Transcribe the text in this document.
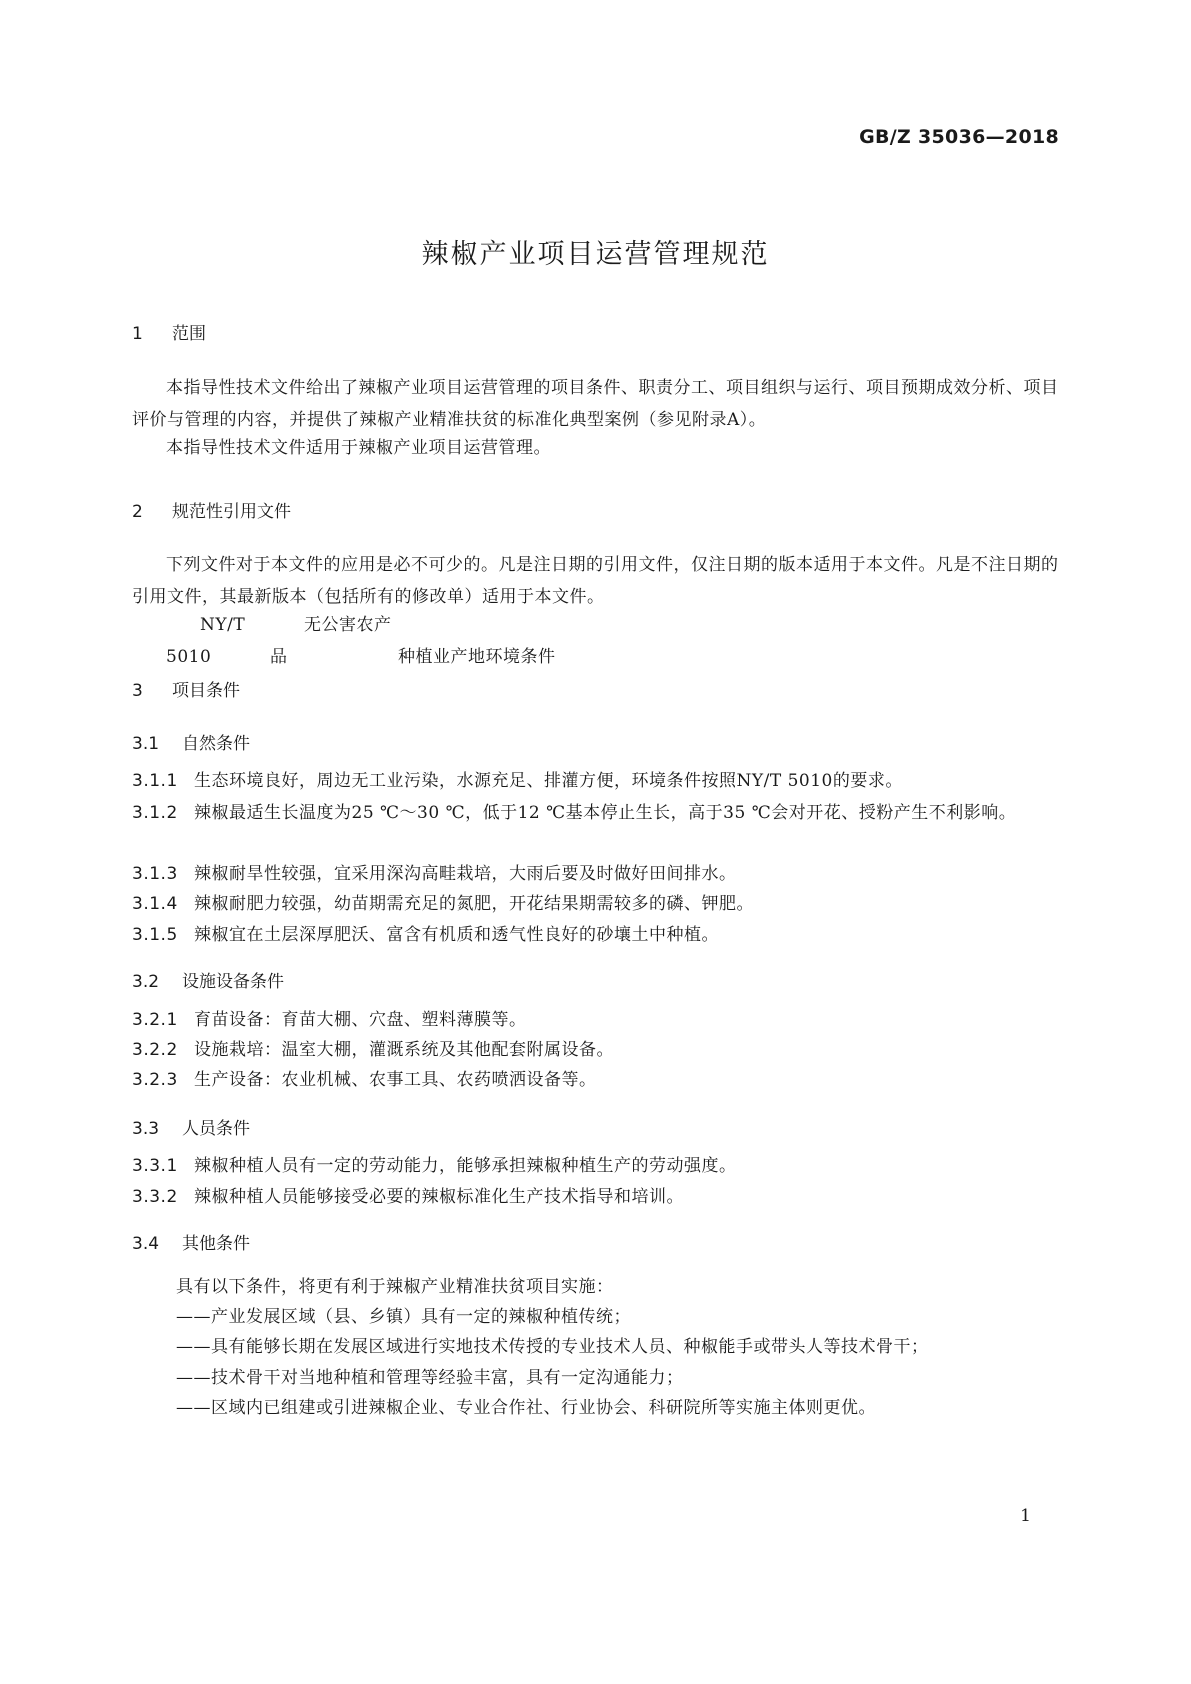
GB/Z 35036—2018
辣椒产业项目运营管理规范
1 范围
本指导性技术文件给出了辣椒产业项目运营管理的项目条件、职责分工、项目组织与运行、项目预期成效分析、项目评价与管理的内容，并提供了辣椒产业精准扶贫的标准化典型案例（参见附录A）。
本指导性技术文件适用于辣椒产业项目运营管理。
2 规范性引用文件
下列文件对于本文件的应用是必不可少的。凡是注日期的引用文件，仅注日期的版本适用于本文件。凡是不注日期的引用文件，其最新版本（包括所有的修改单）适用于本文件。
NY/T 5010无公害农产品	种植业产地环境条件
3 项目条件
3.1 自然条件
3.1.1 生态环境良好，周边无工业污染，水源充足、排灌方便，环境条件按照NY/T 5010的要求。
3.1.2 辣椒最适生长温度为25 ℃～30 ℃，低于12 ℃基本停止生长，高于35 ℃会对开花、授粉产生不利影响。
3.1.3 辣椒耐旱性较强，宜采用深沟高畦栽培，大雨后要及时做好田间排水。
3.1.4 辣椒耐肥力较强，幼苗期需充足的氮肥，开花结果期需较多的磷、钾肥。
3.1.5 辣椒宜在土层深厚肥沃、富含有机质和透气性良好的砂壤土中种植。
3.2 设施设备条件
3.2.1 育苗设备：育苗大棚、穴盘、塑料薄膜等。
3.2.2 设施栽培：温室大棚，灌溉系统及其他配套附属设备。
3.2.3 生产设备：农业机械、农事工具、农药喷洒设备等。
3.3 人员条件
3.3.1 辣椒种植人员有一定的劳动能力，能够承担辣椒种植生产的劳动强度。
3.3.2 辣椒种植人员能够接受必要的辣椒标准化生产技术指导和培训。
3.4 其他条件
具有以下条件，将更有利于辣椒产业精准扶贫项目实施：
——产业发展区域（县、乡镇）具有一定的辣椒种植传统；
——具有能够长期在发展区域进行实地技术传授的专业技术人员、种椒能手或带头人等技术骨干；
——技术骨干对当地种植和管理等经验丰富，具有一定沟通能力；
——区域内已组建或引进辣椒企业、专业合作社、行业协会、科研院所等实施主体则更优。
1
